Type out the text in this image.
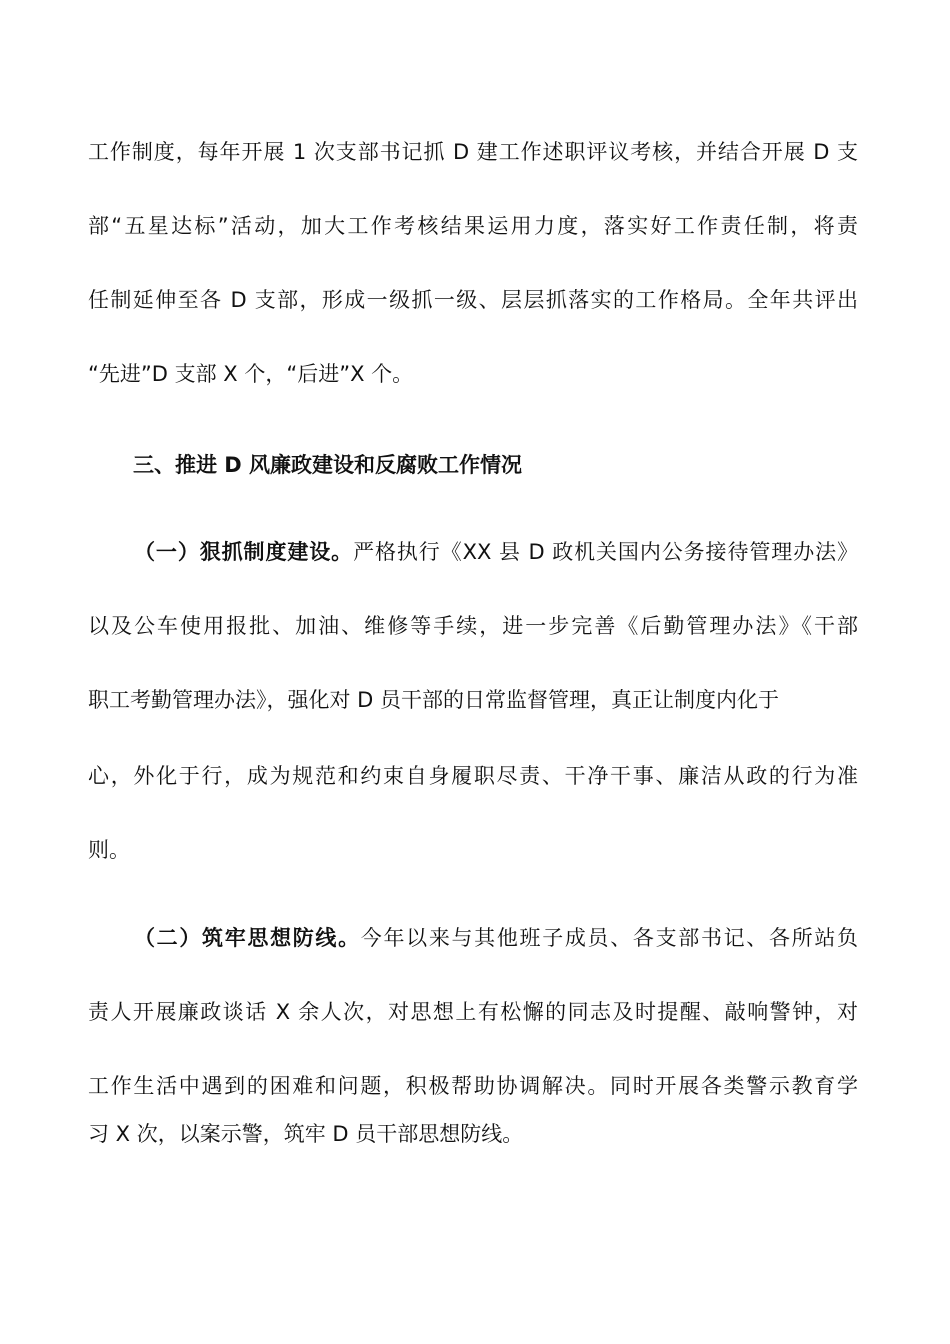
工作制度，每年开展 1 次支部书记抓 D 建工作述职评议考核，并结合开展 D 支
部“五星达标”活动，加大工作考核结果运用力度，落实好工作责任制，将责
任制延伸至各 D 支部，形成一级抓一级、层层抓落实的工作格局。全年共评出
“先进”D 支部 X 个，“后进”X 个。
三、推进 D 风廉政建设和反腐败工作情况
（一）狠抓制度建设。严格执行《XX 县 D 政机关国内公务接待管理办法》
以及公车使用报批、加油、维修等手续，进一步完善《后勤管理办法》《干部
职工考勤管理办法》，强化对 D 员干部的日常监督管理，真正让制度内化于
心，外化于行，成为规范和约束自身履职尽责、干净干事、廉洁从政的行为准
则。
（二）筑牢思想防线。今年以来与其他班子成员、各支部书记、各所站负
责人开展廉政谈话 X 余人次，对思想上有松懈的同志及时提醒、敲响警钟，对
工作生活中遇到的困难和问题，积极帮助协调解决。同时开展各类警示教育学
习 X 次，以案示警，筑牢 D 员干部思想防线。
